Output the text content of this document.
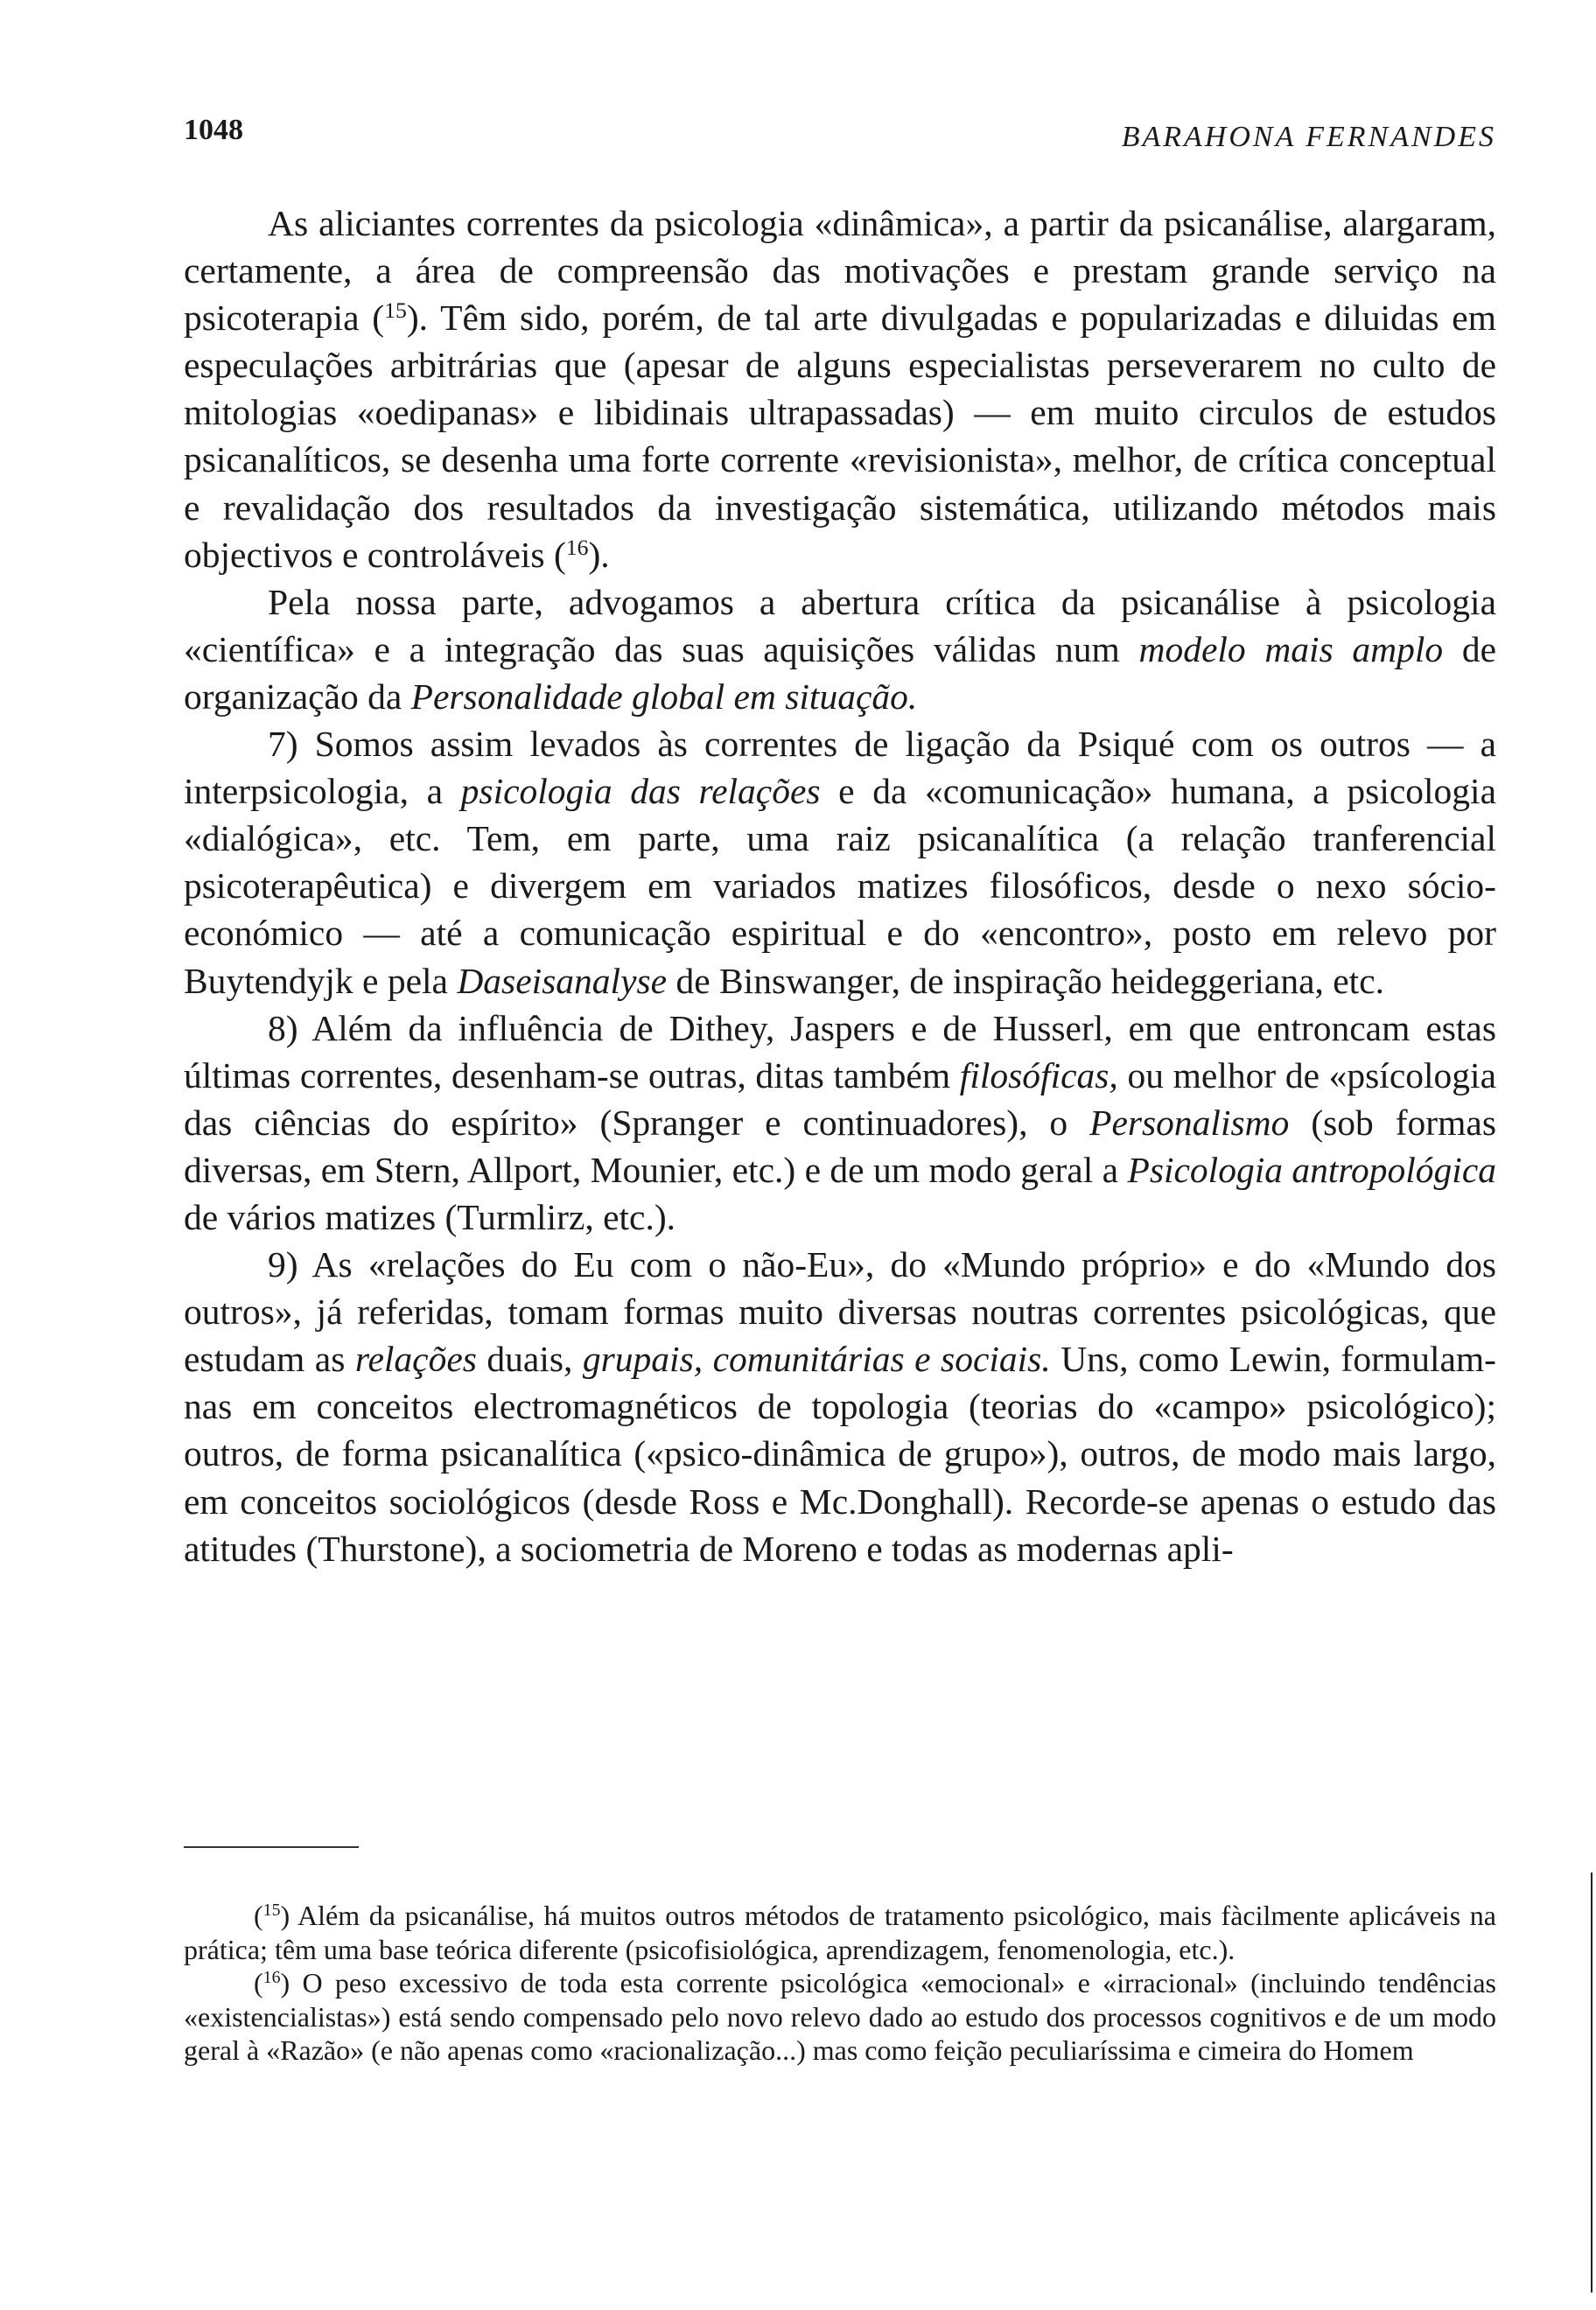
1048	BARAHONA FERNANDES

As aliciantes correntes da psicologia «dinâmica», a partir da psicanálise, alargaram, certamente, a área de compreensão das motivações e prestam grande serviço na psicoterapia ($^{15}$). Têm sido, porém, de tal arte divulgadas e popularizadas e diluidas em especulações arbitrárias que (apesar de alguns especialistas perseverarem no culto de mitologias «oedipanas» e libidinais ultrapassadas) — em muito circulos de estudos psicanalíticos, se desenha uma forte corrente «revisionista», melhor, de crítica conceptual e revalidação dos resultados da investigação sistemática, utilizando métodos mais objectivos e controláveis ($^{16}$).

Pela nossa parte, advogamos a abertura crítica da psicanálise à psicologia «científica» e a integração das suas aquisições válidas num modelo mais amplo de organização da Personalidade global em situação.

7) Somos assim levados às correntes de ligação da Psiqué com os outros — a interpsicologia, a psicologia das relações e da «comunicação» humana, a psicologia «dialógica», etc. Tem, em parte, uma raiz psicanalítica (a relação tranferencial psicoterapêutica) e divergem em variados matizes filosóficos, desde o nexo sócio-económico — até a comunicação espiritual e do «encontro», posto em relevo por Buytendyjk e pela Daseisanalyse de Binswanger, de inspiração heideggeriana, etc.

8) Além da influência de Dithey, Jaspers e de Husserl, em que entroncam estas últimas correntes, desenham-se outras, ditas também filosóficas, ou melhor de «psícologia das ciências do espírito» (Spranger e continuadores), o Personalismo (sob formas diversas, em Stern, Allport, Mounier, etc.) e de um modo geral a Psicologia antropológica de vários matizes (Turmlirz, etc.).

9) As «relações do Eu com o não-Eu», do «Mundo próprio» e do «Mundo dos outros», já referidas, tomam formas muito diversas noutras correntes psicológicas, que estudam as relações duais, grupais, comunitárias e sociais. Uns, como Lewin, formulam-nas em conceitos electromagnéticos de topologia (teorias do «campo» psicológico); outros, de forma psicanalítica («psico-dinâmica de grupo»), outros, de modo mais largo, em conceitos sociológicos (desde Ross e Mc.Donghall). Recorde-se apenas o estudo das atitudes (Thurstone), a sociometria de Moreno e todas as modernas apli-

($^{15}$) Além da psicanálise, há muitos outros métodos de tratamento psicológico, mais fàcilmente aplicáveis na prática; têm uma base teórica diferente (psicofisiológica, aprendizagem, fenomenologia, etc.).

($^{16}$) O peso excessivo de toda esta corrente psicológica «emocional» e «irracional» (incluindo tendências «existencialistas») está sendo compensado pelo novo relevo dado ao estudo dos processos cognitivos e de um modo geral à «Razão» (e não apenas como «racionalização...) mas como feição peculiaríssima e cimeira do Homem
